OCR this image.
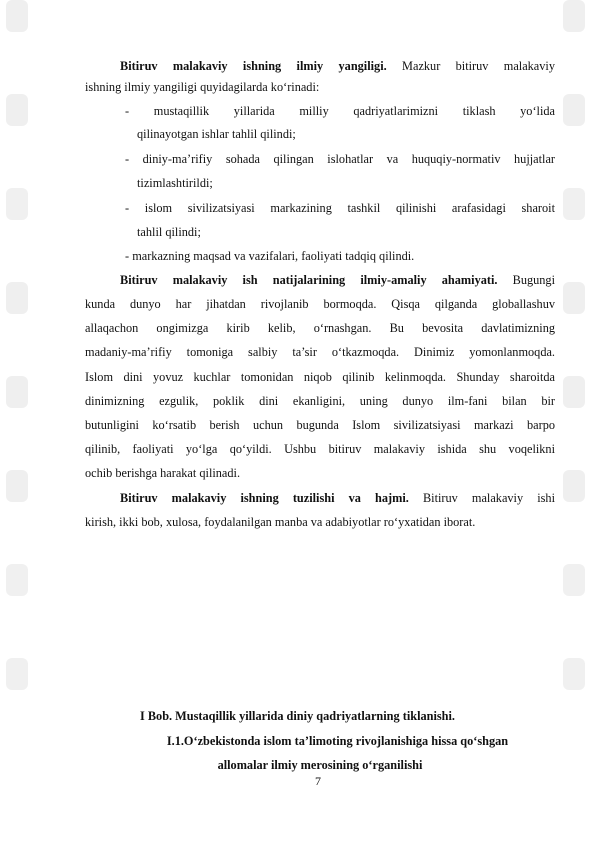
Bitiruv malakaviy ishning ilmiy yangiligi. Mazkur bitiruv malakaviy
ishning ilmiy yangiligi quyidagilarda ko‘rinadi:
- mustaqillik yillarida milliy qadriyatlarimizni tiklash yo‘lida
qilinayotgan ishlar tahlil qilindi;
- diniy-ma’rifiy sohada qilingan islohatlar va huquqiy-normativ hujjatlar
tizimlashtirildi;
- islom sivilizatsiyasi markazining tashkil qilinishi arafasidagi sharoit
tahlil qilindi;
- markazning maqsad va vazifalari, faoliyati tadqiq qilindi.
Bitiruv malakaviy ish natijalarining ilmiy-amaliy ahamiyati. Bugungi
kunda dunyo har jihatdan rivojlanib bormoqda. Qisqa qilganda globallashuv
allaqachon ongimizga kirib kelib, o‘rnashgan. Bu bevosita davlatimizning
madaniy-ma’rifiy tomoniga salbiy ta’sir o‘tkazmoqda. Dinimiz yomonlanmoqda.
Islom dini yovuz kuchlar tomonidan niqob qilinib kelinmoqda. Shunday sharoitda
dinimizning ezgulik, poklik dini ekanligini, uning dunyo ilm-fani bilan bir
butunligini ko‘rsatib berish uchun bugunda Islom sivilizatsiyasi markazi barpo
qilinib, faoliyati yo‘lga qo‘yildi. Ushbu bitiruv malakaviy ishida shu voqelikni
ochib berishga harakat qilinadi.
Bitiruv malakaviy ishning tuzilishi va hajmi. Bitiruv malakaviy ishi
kirish, ikki bob, xulosa, foydalanilgan manba va adabiyotlar ro‘yxatidan iborat.
I Bob. Mustaqillik yillarida diniy qadriyatlarning tiklanishi.
I.1.O‘zbekistonda islom ta’limoting rivojlanishiga hissa qo‘shgan
allomalar ilmiy merosining o‘rganilishi
7
